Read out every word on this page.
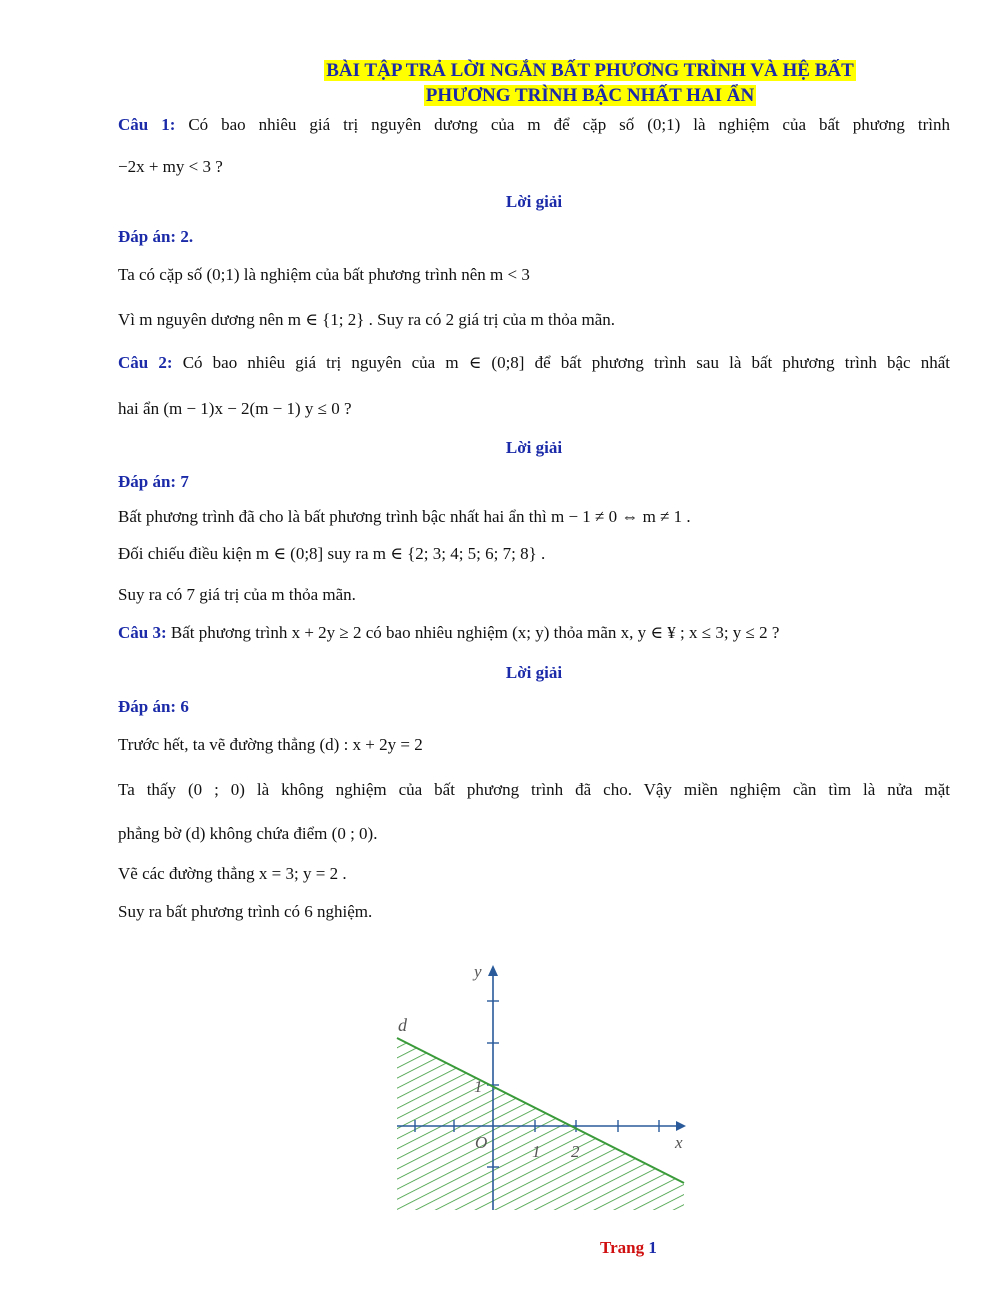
BÀI TẬP TRẢ LỜI NGẮN BẤT PHƯƠNG TRÌNH VÀ HỆ BẤT
PHƯƠNG TRÌNH BẬC NHẤT HAI ẨN
Câu 1: Có bao nhiêu giá trị nguyên dương của m để cặp số (0;1) là nghiệm của bất phương trình
−2x + my < 3 ?
Lời giải
Đáp án: 2.
Ta có cặp số (0;1) là nghiệm của bất phương trình nên m < 3
Vì m nguyên dương nên m ∈ {1; 2} . Suy ra có 2 giá trị của m thỏa mãn.
Câu 2: Có bao nhiêu giá trị nguyên của m ∈ (0;8] để bất phương trình sau là bất phương trình bậc nhất
hai ẩn (m − 1)x − 2(m − 1) y ≤ 0 ?
Lời giải
Đáp án: 7
Bất phương trình đã cho là bất phương trình bậc nhất hai ẩn thì m − 1 ≠ 0 ⇔ m ≠ 1 .
Đối chiếu điều kiện m ∈ (0;8] suy ra m ∈ {2; 3; 4; 5; 6; 7; 8} .
Suy ra có 7 giá trị của m thỏa mãn.
Câu 3: Bất phương trình x + 2y ≥ 2 có bao nhiêu nghiệm (x; y) thỏa mãn x, y ∈ ¥ ; x ≤ 3; y ≤ 2 ?
Lời giải
Đáp án: 6
Trước hết, ta vẽ đường thẳng (d) : x + 2y = 2
Ta thấy (0 ; 0) là không nghiệm của bất phương trình đã cho. Vậy miền nghiệm cần tìm là nửa mặt
phẳng bờ (d) không chứa điểm (0 ; 0).
Vẽ các đường thẳng x = 3; y = 2 .
Suy ra bất phương trình có 6 nghiệm.
y
x
d
O	1 2
1
Trang 1
